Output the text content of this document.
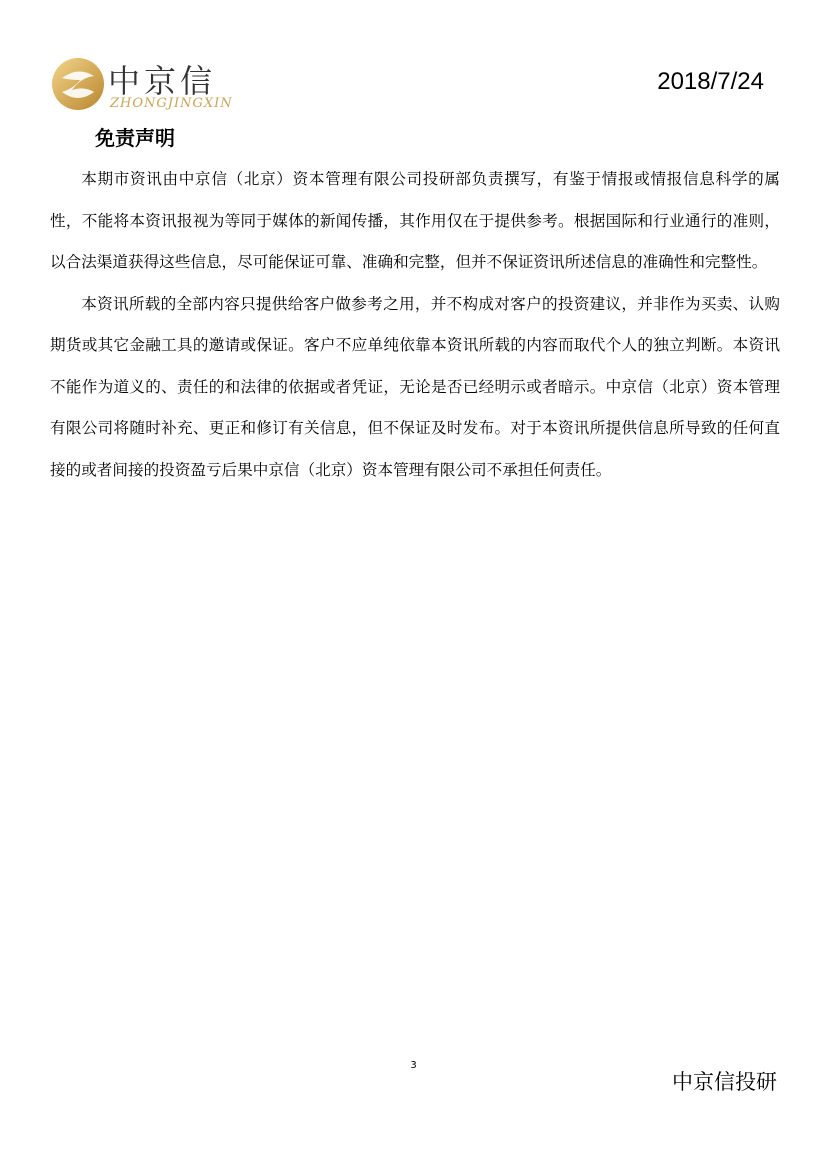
中京信
ZHONGJINGXIN
2018/7/24
免责声明

本期市资讯由中京信（北京）资本管理有限公司投研部负责撰写，有鉴于情报或情报信息科学的属性，不能将本资讯报视为等同于媒体的新闻传播，其作用仅在于提供参考。根据国际和行业通行的准则，以合法渠道获得这些信息，尽可能保证可靠、准确和完整，但并不保证资讯所述信息的准确性和完整性。

本资讯所载的全部内容只提供给客户做参考之用，并不构成对客户的投资建议，并非作为买卖、认购期货或其它金融工具的邀请或保证。客户不应单纯依靠本资讯所载的内容而取代个人的独立判断。本资讯不能作为道义的、责任的和法律的依据或者凭证，无论是否已经明示或者暗示。中京信（北京）资本管理有限公司将随时补充、更正和修订有关信息，但不保证及时发布。对于本资讯所提供信息所导致的任何直接的或者间接的投资盈亏后果中京信（北京）资本管理有限公司不承担任何责任。

3
中京信投研
